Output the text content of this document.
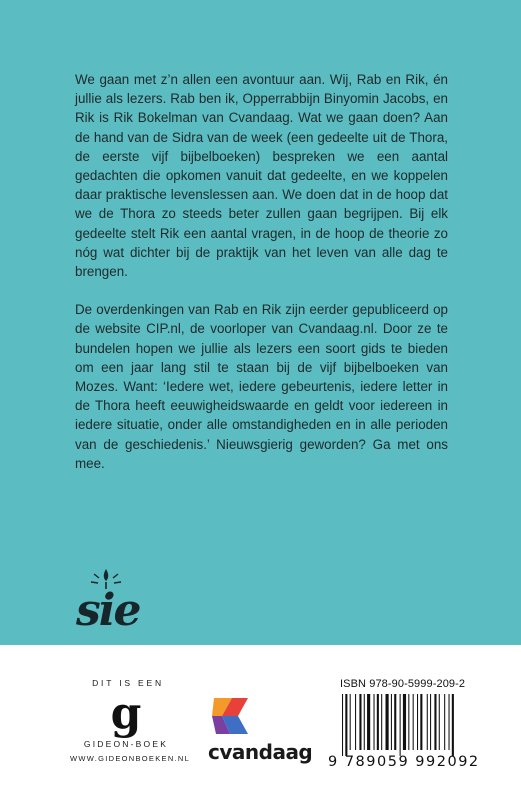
We gaan met z’n allen een avontuur aan. Wij, Rab en Rik, én jullie als lezers. Rab ben ik, Opperrabbijn Binyomin Jacobs, en Rik is Rik Bokelman van Cvandaag. Wat we gaan doen? Aan de hand van de Sidra van de week (een gedeelte uit de Thora, de eerste vijf bijbelboeken) bespreken we een aantal gedachten die opkomen vanuit dat gedeelte, en we koppelen daar praktische levenslessen aan. We doen dat in de hoop dat we de Thora zo steeds beter zullen gaan begrijpen. Bij elk gedeelte stelt Rik een aantal vragen, in de hoop de theorie zo nóg wat dichter bij de praktijk van het leven van alle dag te brengen.

De overdenkingen van Rab en Rik zijn eerder gepubliceerd op de website CIP.nl, de voorloper van Cvandaag.nl. Door ze te bundelen hopen we jullie als lezers een soort gids te bieden om een jaar lang stil te staan bij de vijf bijbelboeken van Mozes. Want: ‘Iedere wet, iedere gebeurtenis, iedere letter in de Thora heeft eeuwigheidswaarde en geldt voor iedereen in iedere situatie, onder alle omstandigheden en in alle perioden van de geschiedenis.’ Nieuwsgierig geworden? Ga met ons mee.

sie
DIT IS EEN
g
GIDEON-BOEK
WWW.GIDEONBOEKEN.NL cvandaag
ISBN 978-90-5999-209-2
9 789059 992092
